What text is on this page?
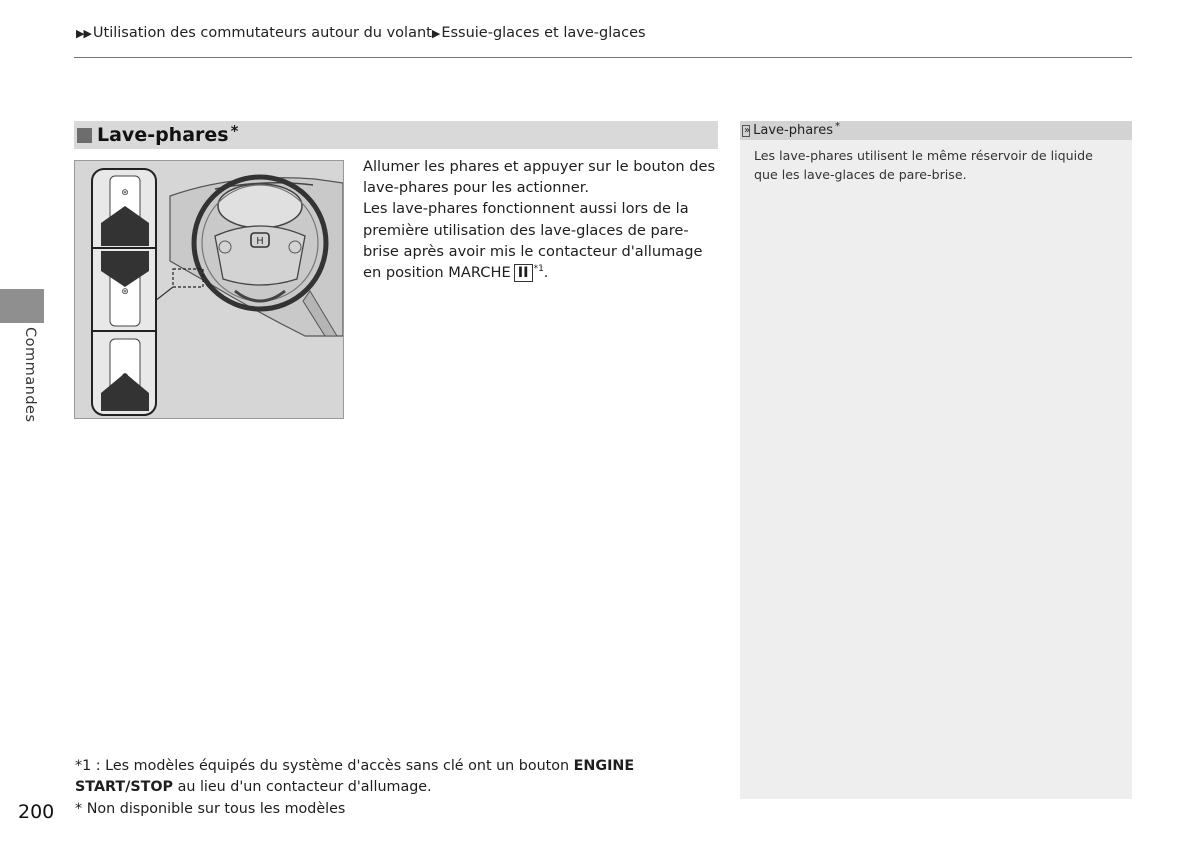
▶▶ Utilisation des commutateurs autour du volant▶ Essuie-glaces et lave-glaces
Commandes
Lave-phares *
H
⊛
⊛

Allumer les phares et appuyer sur le bouton des lave-phares pour les actionner.

Les lave-phares fonctionnent aussi lors de la première utilisation des lave-glaces de pare-brise après avoir mis le contacteur d'allumage en position MARCHE II $^{*1}$.

» Lave-phares *
Les lave-phares utilisent le même réservoir de liquide que les lave-glaces de pare-brise.
*1 : Les modèles équipés du système d'accès sans clé ont un bouton ENGINE START/STOP au lieu d'un contacteur d'allumage.
* Non disponible sur tous les modèles
200
